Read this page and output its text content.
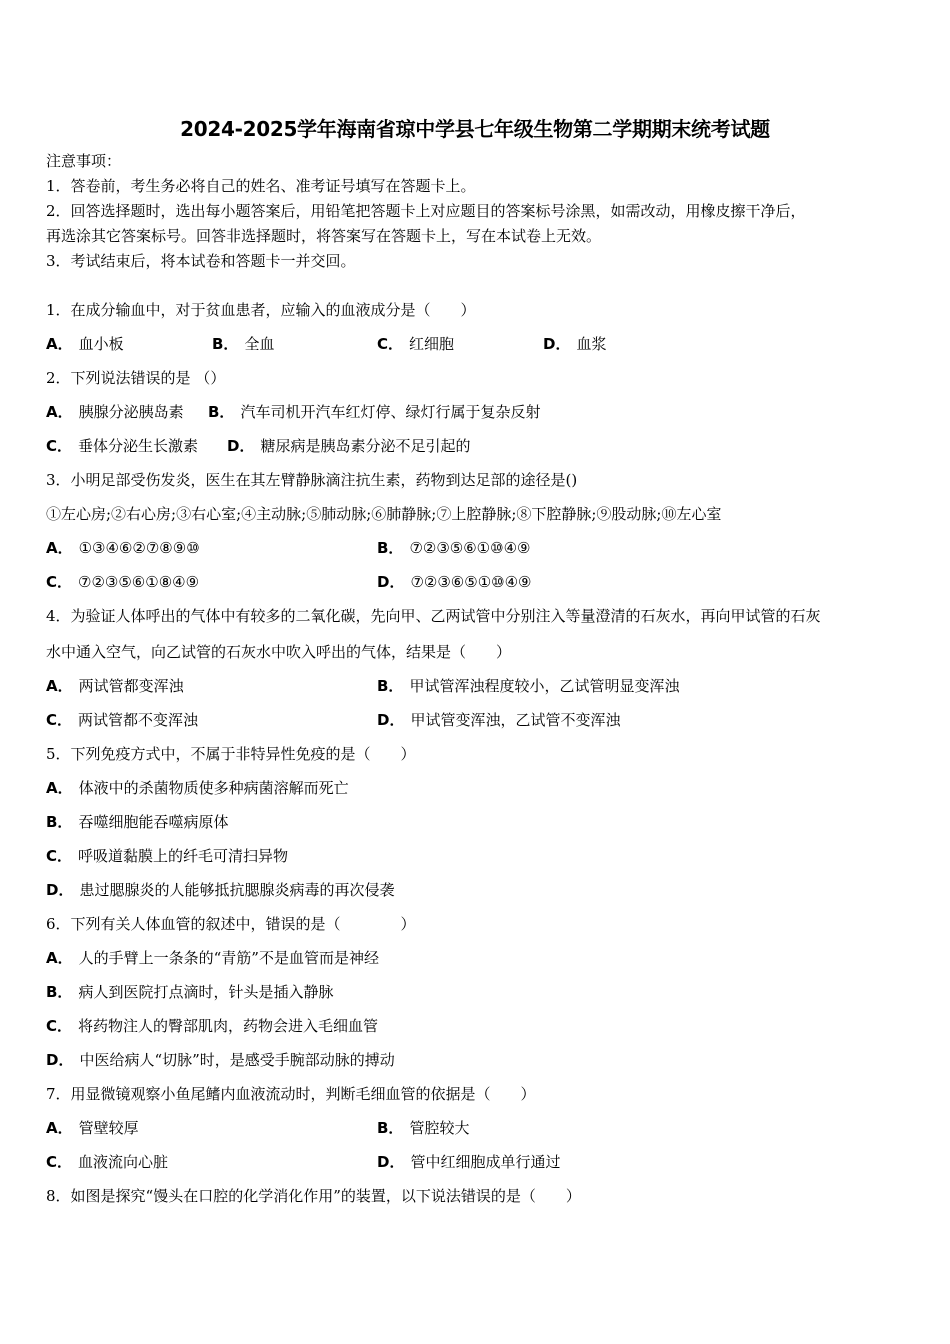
2024-2025学年海南省琼中学县七年级生物第二学期期末统考试题
注意事项：
1．答卷前，考生务必将自己的姓名、准考证号填写在答题卡上。
2．回答选择题时，选出每小题答案后，用铅笔把答题卡上对应题目的答案标号涂黑，如需改动，用橡皮擦干净后，
再选涂其它答案标号。回答非选择题时，将答案写在答题卡上，写在本试卷上无效。
3．考试结束后，将本试卷和答题卡一并交回。
1．在成分输血中，对于贫血患者，应输入的血液成分是（　　）
A． 血小板	B． 全血	C． 红细胞	D． 血浆
2．下列说法错误的是 （）
A． 胰腺分泌胰岛素 B． 汽车司机开汽车红灯停、绿灯行属于复杂反射
C． 垂体分泌生长激素 D． 糖尿病是胰岛素分泌不足引起的
3．小明足部受伤发炎，医生在其左臂静脉滴注抗生素，药物到达足部的途径是()
①左心房;②右心房;③右心室;④主动脉;⑤肺动脉;⑥肺静脉;⑦上腔静脉;⑧下腔静脉;⑨股动脉;⑩左心室
A． ①③④⑥②⑦⑧⑨⑩	B． ⑦②③⑤⑥①⑩④⑨
C． ⑦②③⑤⑥①⑧④⑨	D． ⑦②③⑥⑤①⑩④⑨
4．为验证人体呼出的气体中有较多的二氧化碳，先向甲、乙两试管中分别注入等量澄清的石灰水，再向甲试管的石灰
水中通入空气，向乙试管的石灰水中吹入呼出的气体，结果是（　　）
A． 两试管都变浑浊	B． 甲试管浑浊程度较小，乙试管明显变浑浊
C． 两试管都不变浑浊	D． 甲试管变浑浊，乙试管不变浑浊
5．下列免疫方式中，不属于非特异性免疫的是（　　）
A． 体液中的杀菌物质使多种病菌溶解而死亡
B． 吞噬细胞能吞噬病原体
C． 呼吸道黏膜上的纤毛可清扫异物
D． 患过腮腺炎的人能够抵抗腮腺炎病毒的再次侵袭
6．下列有关人体血管的叙述中，错误的是（　　　　）
A． 人的手臂上一条条的“青筋”不是血管而是神经
B． 病人到医院打点滴时，针头是插入静脉
C． 将药物注人的臀部肌肉，药物会进入毛细血管
D． 中医给病人“切脉”时，是感受手腕部动脉的搏动
7．用显微镜观察小鱼尾鳍内血液流动时，判断毛细血管的依据是（　　）
A． 管壁较厚	B． 管腔较大
C． 血液流向心脏	D． 管中红细胞成单行通过
8．如图是探究“馒头在口腔的化学消化作用”的装置，以下说法错误的是（　　）
